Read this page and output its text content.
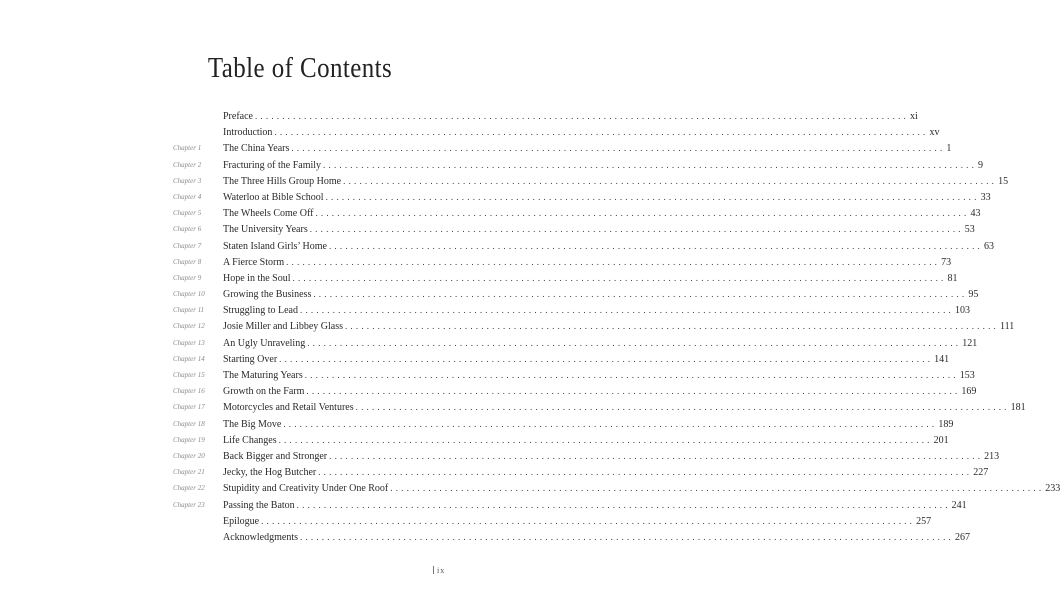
Table of Contents
Preface ........................................................................................................................ xi
Introduction ........................................................................................................................ xv
Chapter 1	The China Years ........................................................................................................................ 1
Chapter 2	Fracturing of the Family ........................................................................................................................ 9
Chapter 3	The Three Hills Group Home ........................................................................................................................ 15
Chapter 4	Waterloo at Bible School ........................................................................................................................ 33
Chapter 5	The Wheels Come Off ........................................................................................................................ 43
Chapter 6	The University Years ........................................................................................................................ 53
Chapter 7	Staten Island Girls’ Home ........................................................................................................................ 63
Chapter 8	A Fierce Storm ........................................................................................................................ 73
Chapter 9	Hope in the Soul ........................................................................................................................ 81
Chapter 10	Growing the Business ........................................................................................................................ 95
Chapter 11	Struggling to Lead ........................................................................................................................ 103
Chapter 12	Josie Miller and Libbey Glass ........................................................................................................................ 111
Chapter 13	An Ugly Unraveling ........................................................................................................................ 121
Chapter 14	Starting Over ........................................................................................................................ 141
Chapter 15	The Maturing Years ........................................................................................................................ 153
Chapter 16	Growth on the Farm ........................................................................................................................ 169
Chapter 17	Motorcycles and Retail Ventures ........................................................................................................................ 181
Chapter 18	The Big Move ........................................................................................................................ 189
Chapter 19	Life Changes ........................................................................................................................ 201
Chapter 20	Back Bigger and Stronger ........................................................................................................................ 213
Chapter 21	Jecky, the Hog Butcher ........................................................................................................................ 227
Chapter 22	Stupidity and Creativity Under One Roof ........................................................................................................................ 233
Chapter 23	Passing the Baton ........................................................................................................................ 241
Epilogue ........................................................................................................................ 257
Acknowledgments ........................................................................................................................ 267
ix
